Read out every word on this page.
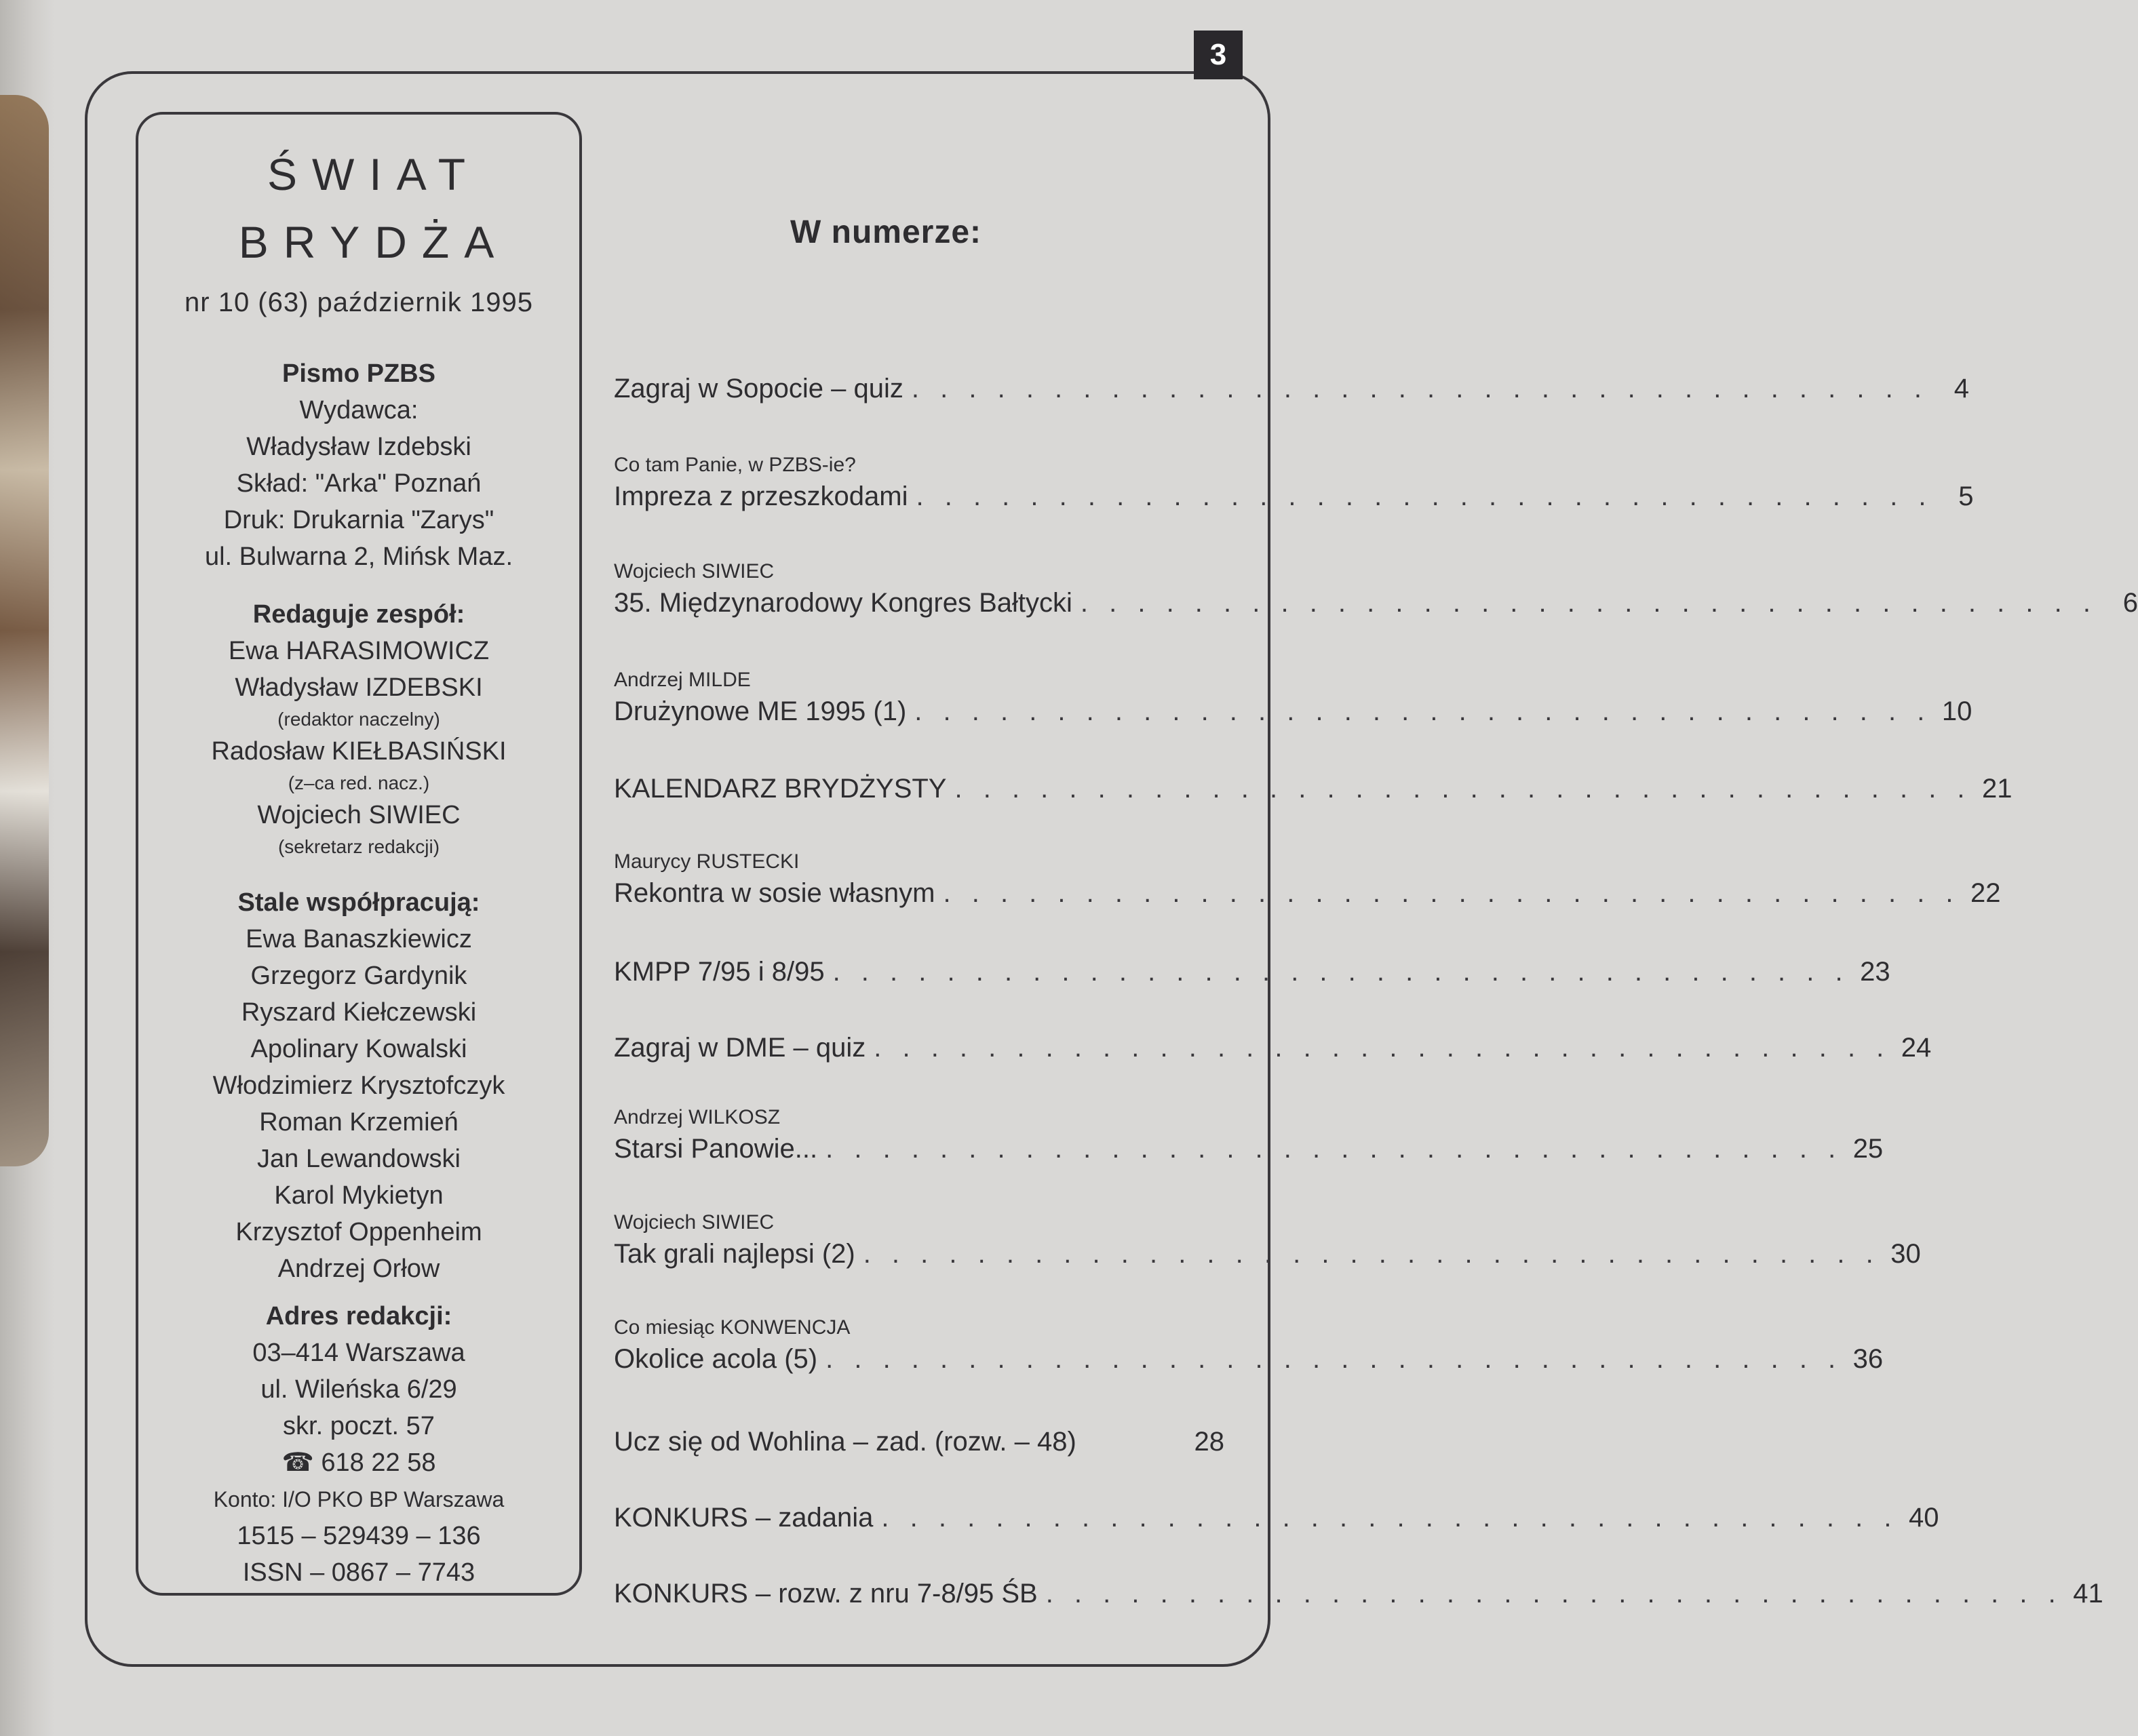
3
ŚWIAT
BRYDŻA
nr 10 (63) październik 1995
Pismo PZBS
Wydawca:
Władysław Izdebski
Skład: "Arka" Poznań
Druk: Drukarnia "Zarys"
ul. Bulwarna 2, Mińsk Maz.
Redaguje zespół:
Ewa HARASIMOWICZ
Władysław IZDEBSKI
(redaktor naczelny)
Radosław KIEŁBASIŃSKI
(z–ca red. nacz.)
Wojciech SIWIEC
(sekretarz redakcji)
Stale współpracują:
Ewa Banaszkiewicz
Grzegorz Gardynik
Ryszard Kiełczewski
Apolinary Kowalski
Włodzimierz Krysztofczyk
Roman Krzemień
Jan Lewandowski
Karol Mykietyn
Krzysztof Oppenheim
Andrzej Orłow
Adres redakcji:
03–414 Warszawa
ul. Wileńska 6/29
skr. poczt. 57
☎ 618 22 58
Konto: I/O PKO BP Warszawa
1515 – 529439 – 136
ISSN – 0867 – 7743
W numerze:
Zagraj w Sopocie – quiz . . . . . . . . . . . . . . . . . . . . . . . . . . . . . . . . . . . . 4
Co tam Panie, w PZBS-ie?
Impreza z przeszkodami . . . . . . . . . . . . . . . . . . . . . . . . . . . . . . . . . . . . 5
Wojciech SIWIEC
35. Międzynarodowy Kongres Bałtycki . . . . . . . . . . . . . . . . . . . . . . . . . . . . . . . . . . . . 6
Andrzej MILDE
Drużynowe ME 1995 (1) . . . . . . . . . . . . . . . . . . . . . . . . . . . . . . . . . . . . 10
KALENDARZ BRYDŻYSTY . . . . . . . . . . . . . . . . . . . . . . . . . . . . . . . . . . . . 21
Maurycy RUSTECKI
Rekontra w sosie własnym . . . . . . . . . . . . . . . . . . . . . . . . . . . . . . . . . . . . 22
KMPP 7/95 i 8/95 . . . . . . . . . . . . . . . . . . . . . . . . . . . . . . . . . . . . 23
Zagraj w DME – quiz . . . . . . . . . . . . . . . . . . . . . . . . . . . . . . . . . . . . 24
Andrzej WILKOSZ
Starsi Panowie... . . . . . . . . . . . . . . . . . . . . . . . . . . . . . . . . . . . . 25
Wojciech SIWIEC
Tak grali najlepsi (2) . . . . . . . . . . . . . . . . . . . . . . . . . . . . . . . . . . . . 30
Co miesiąc KONWENCJA
Okolice acola (5) . . . . . . . . . . . . . . . . . . . . . . . . . . . . . . . . . . . . 36
Ucz się od Wohlina – zad. (rozw. – 48)	28
KONKURS – zadania . . . . . . . . . . . . . . . . . . . . . . . . . . . . . . . . . . . . 40
KONKURS – rozw. z nru 7-8/95 ŚB . . . . . . . . . . . . . . . . . . . . . . . . . . . . . . . . . . . . 41
